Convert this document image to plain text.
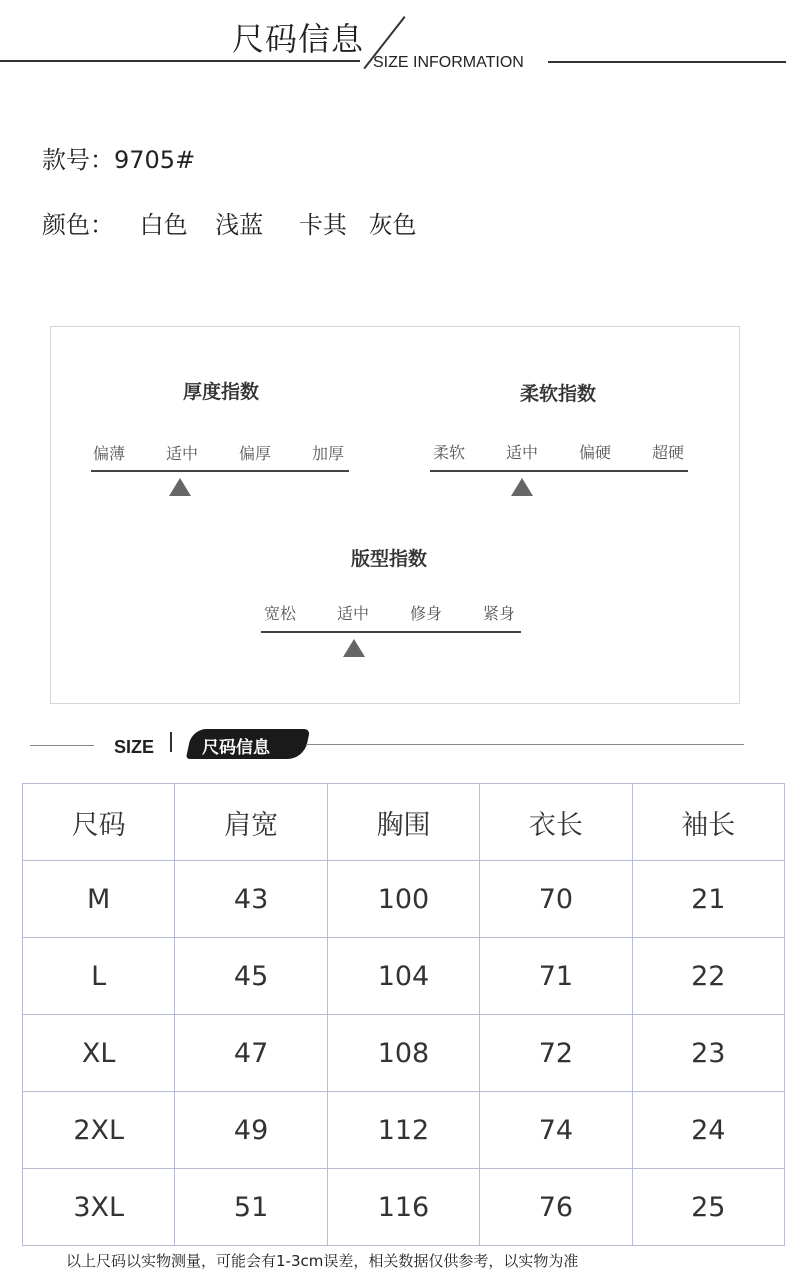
尺码信息
SIZE INFORMATION
款号：9705#
颜色： 白色 浅蓝 卡其 灰色
厚度指数
偏薄	适中	偏厚	加厚
柔软指数
柔软	适中	偏硬	超硬
版型指数
宽松	适中	修身	紧身
SIZE	尺码信息
尺码	肩宽	胸围	衣长	袖长
M	43	100	70	21
L	45	104	71	22
XL	47	108	72	23
2XL	49	112	74	24
3XL	51	116	76	25
以上尺码以实物测量，可能会有1-3cm误差，相关数据仅供参考，以实物为准
